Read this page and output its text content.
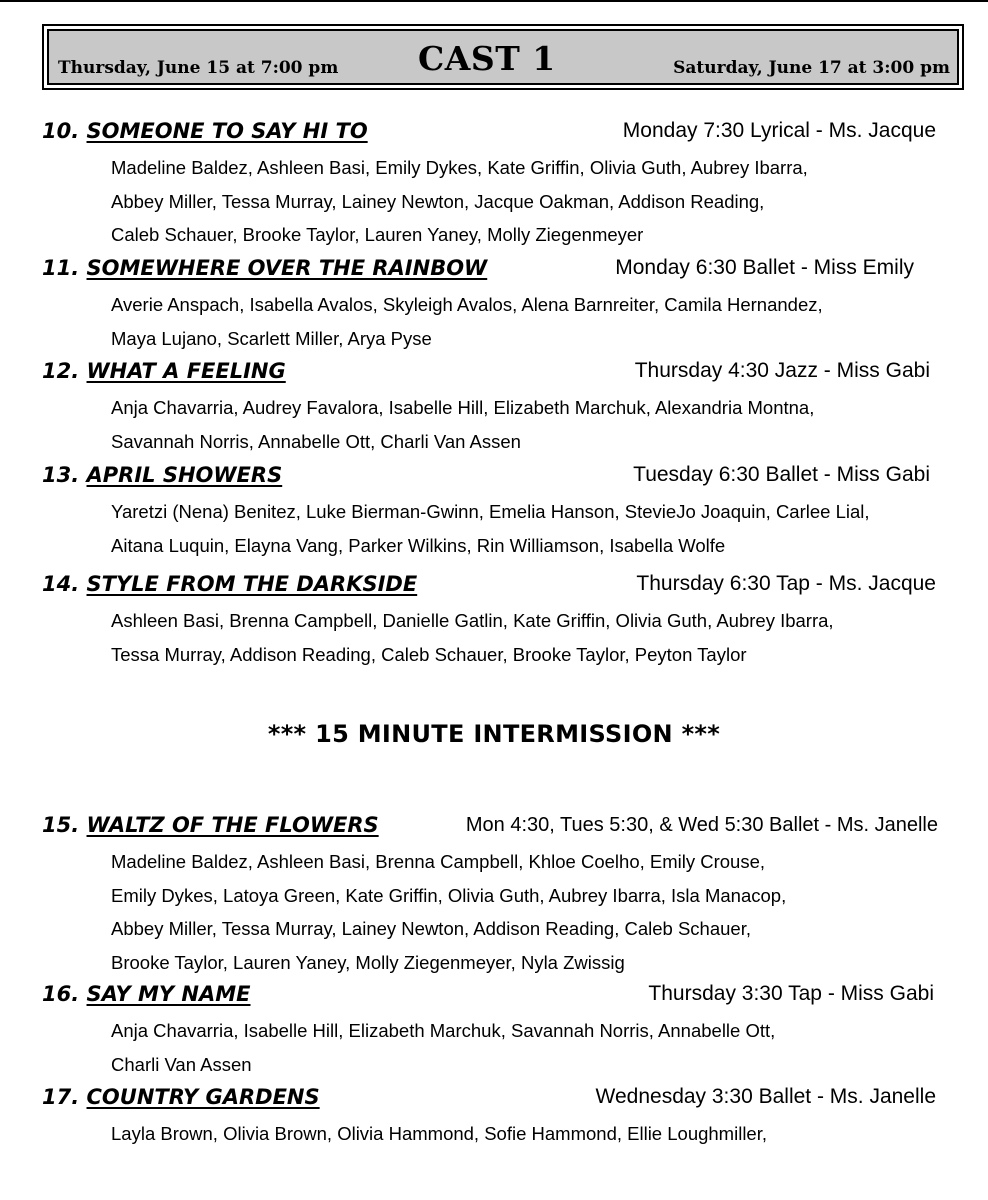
Thursday, June 15 at 7:00 pm CAST 1	Saturday, June 17 at 3:00 pm
10. SOMEONE TO SAY HI TO	Monday 7:30 Lyrical - Ms. Jacque
Madeline Baldez, Ashleen Basi, Emily Dykes, Kate Griffin, Olivia Guth, Aubrey Ibarra,
Abbey Miller, Tessa Murray, Lainey Newton, Jacque Oakman, Addison Reading,
Caleb Schauer, Brooke Taylor, Lauren Yaney, Molly Ziegenmeyer
11. SOMEWHERE OVER THE RAINBOW	Monday 6:30 Ballet - Miss Emily
Averie Anspach, Isabella Avalos, Skyleigh Avalos, Alena Barnreiter, Camila Hernandez,
Maya Lujano, Scarlett Miller, Arya Pyse
12. WHAT A FEELING	Thursday 4:30 Jazz - Miss Gabi
Anja Chavarria, Audrey Favalora, Isabelle Hill, Elizabeth Marchuk, Alexandria Montna,
Savannah Norris, Annabelle Ott, Charli Van Assen
13. APRIL SHOWERS	Tuesday 6:30 Ballet - Miss Gabi
Yaretzi (Nena) Benitez, Luke Bierman-Gwinn, Emelia Hanson, StevieJo Joaquin, Carlee Lial,
Aitana Luquin, Elayna Vang, Parker Wilkins, Rin Williamson, Isabella Wolfe
14. STYLE FROM THE DARKSIDE	Thursday 6:30 Tap - Ms. Jacque
Ashleen Basi, Brenna Campbell, Danielle Gatlin, Kate Griffin, Olivia Guth, Aubrey Ibarra,
Tessa Murray, Addison Reading, Caleb Schauer, Brooke Taylor, Peyton Taylor
*** 15 MINUTE INTERMISSION ***
15. WALTZ OF THE FLOWERS	Mon 4:30, Tues 5:30, & Wed 5:30 Ballet - Ms. Janelle
Madeline Baldez, Ashleen Basi, Brenna Campbell, Khloe Coelho, Emily Crouse,
Emily Dykes, Latoya Green, Kate Griffin, Olivia Guth, Aubrey Ibarra, Isla Manacop,
Abbey Miller, Tessa Murray, Lainey Newton, Addison Reading, Caleb Schauer,
Brooke Taylor, Lauren Yaney, Molly Ziegenmeyer, Nyla Zwissig
16. SAY MY NAME	Thursday 3:30 Tap - Miss Gabi
Anja Chavarria, Isabelle Hill, Elizabeth Marchuk, Savannah Norris, Annabelle Ott,
Charli Van Assen
17. COUNTRY GARDENS	Wednesday 3:30 Ballet - Ms. Janelle
Layla Brown, Olivia Brown, Olivia Hammond, Sofie Hammond, Ellie Loughmiller,
